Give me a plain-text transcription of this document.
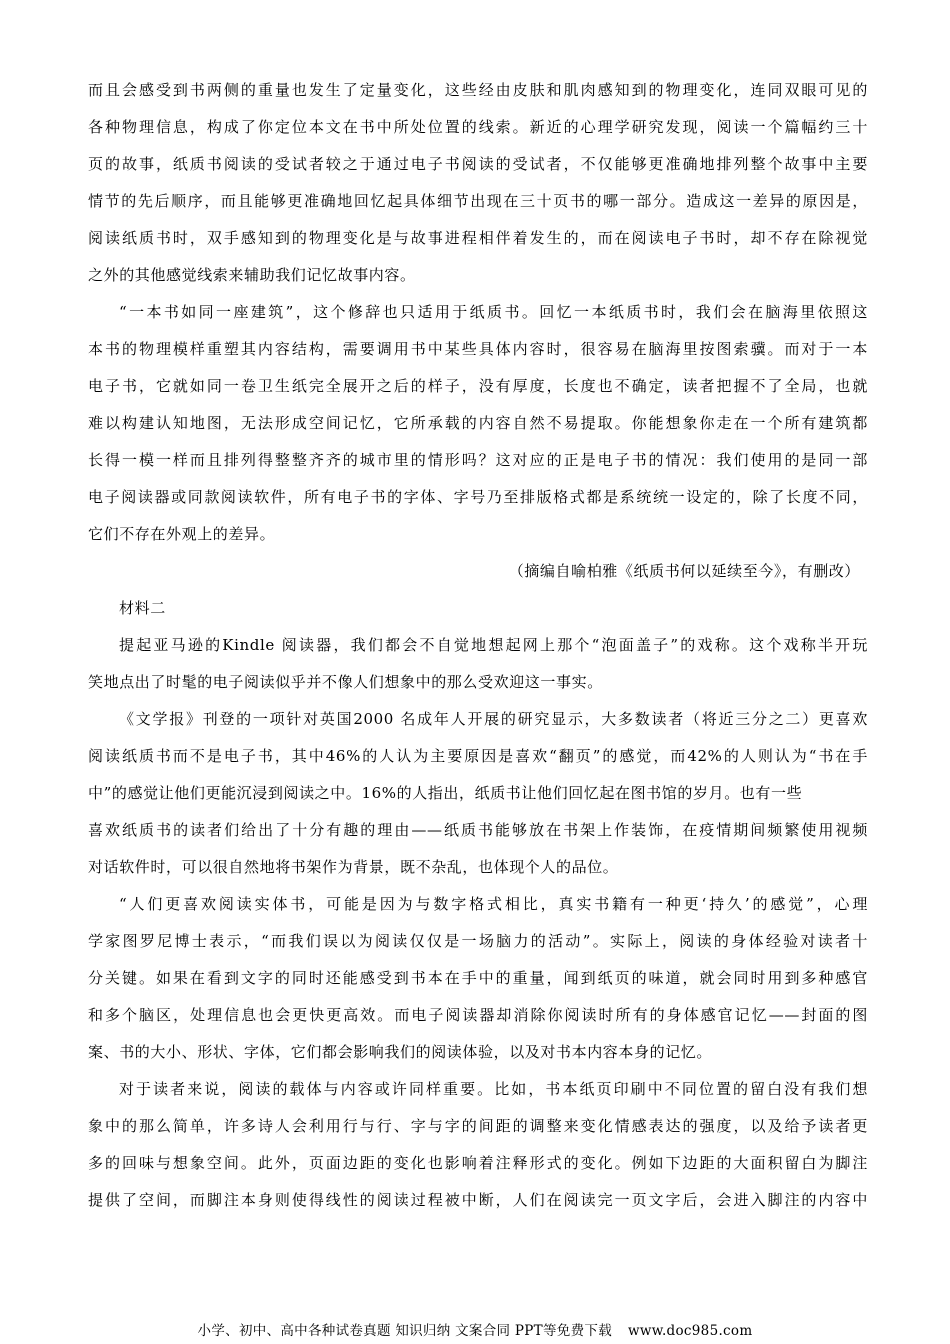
而且会感受到书两侧的重量也发生了定量变化，这些经由皮肤和肌肉感知到的物理变化，连同双眼可见的
各种物理信息，构成了你定位本文在书中所处位置的线索。新近的心理学研究发现，阅读一个篇幅约三十
页的故事，纸质书阅读的受试者较之于通过电子书阅读的受试者，不仅能够更准确地排列整个故事中主要
情节的先后顺序，而且能够更准确地回忆起具体细节出现在三十页书的哪一部分。造成这一差异的原因是，
阅读纸质书时，双手感知到的物理变化是与故事进程相伴着发生的，而在阅读电子书时，却不存在除视觉
之外的其他感觉线索来辅助我们记忆故事内容。
“一本书如同一座建筑”，这个修辞也只适用于纸质书。回忆一本纸质书时，我们会在脑海里依照这
本书的物理模样重塑其内容结构，需要调用书中某些具体内容时，很容易在脑海里按图索骥。而对于一本
电子书，它就如同一卷卫生纸完全展开之后的样子，没有厚度，长度也不确定，读者把握不了全局，也就
难以构建认知地图，无法形成空间记忆，它所承载的内容自然不易提取。你能想象你走在一个所有建筑都
长得一模一样而且排列得整整齐齐的城市里的情形吗？这对应的正是电子书的情况：我们使用的是同一部
电子阅读器或同款阅读软件，所有电子书的字体、字号乃至排版格式都是系统统一设定的，除了长度不同，
它们不存在外观上的差异。
（摘编自喻柏雅《纸质书何以延续至今》，有删改）
材料二
提起亚马逊的Kindle 阅读器，我们都会不自觉地想起网上那个“泡面盖子”的戏称。这个戏称半开玩
笑地点出了时髦的电子阅读似乎并不像人们想象中的那么受欢迎这一事实。
《文学报》刊登的一项针对英国2000 名成年人开展的研究显示，大多数读者（将近三分之二）更喜欢
阅读纸质书而不是电子书，其中46%的人认为主要原因是喜欢“翻页”的感觉，而42%的人则认为“书在手
中”的感觉让他们更能沉浸到阅读之中。16%的人指出，纸质书让他们回忆起在图书馆的岁月。也有一些
喜欢纸质书的读者们给出了十分有趣的理由——纸质书能够放在书架上作装饰，在疫情期间频繁使用视频
对话软件时，可以很自然地将书架作为背景，既不杂乱，也体现个人的品位。
“人们更喜欢阅读实体书，可能是因为与数字格式相比，真实书籍有一种更‘持久’的感觉”，心理
学家图罗尼博士表示，“而我们误以为阅读仅仅是一场脑力的活动”。实际上，阅读的身体经验对读者十
分关键。如果在看到文字的同时还能感受到书本在手中的重量，闻到纸页的味道，就会同时用到多种感官
和多个脑区，处理信息也会更快更高效。而电子阅读器却消除你阅读时所有的身体感官记忆——封面的图
案、书的大小、形状、字体，它们都会影响我们的阅读体验，以及对书本内容本身的记忆。
对于读者来说，阅读的载体与内容或许同样重要。比如，书本纸页印刷中不同位置的留白没有我们想
象中的那么简单，许多诗人会利用行与行、字与字的间距的调整来变化情感表达的强度，以及给予读者更
多的回味与想象空间。此外，页面边距的变化也影响着注释形式的变化。例如下边距的大面积留白为脚注
提供了空间，而脚注本身则使得线性的阅读过程被中断，人们在阅读完一页文字后，会进入脚注的内容中
小学、初中、高中各种试卷真题 知识归纳 文案合同 PPT等免费下载 www.doc985.com
